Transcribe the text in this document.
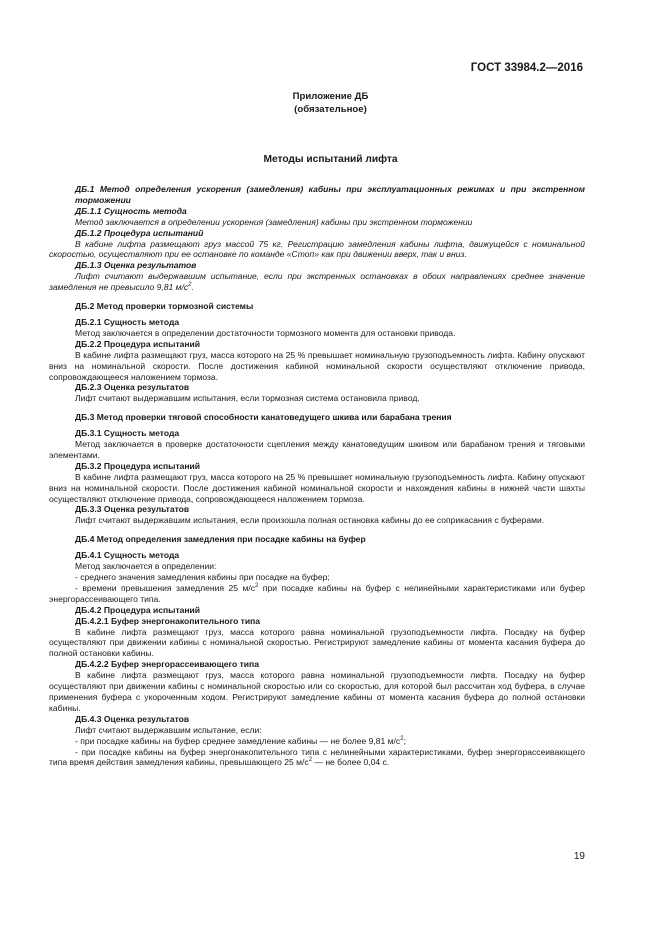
ГОСТ 33984.2—2016
Приложение ДБ
(обязательное)
Методы испытаний лифта

ДБ.1 Метод определения ускорения (замедления) кабины при эксплуатационных режимах и при экстренном торможении

ДБ.1.1 Сущность метода

Метод заключается в определении ускорения (замедления) кабины при экстренном торможении

ДБ.1.2 Процедура испытаний

В кабине лифта размещают груз массой 75 кг. Регистрацию замедления кабины лифта, движущейся с номинальной скоростью, осуществляют при ее остановке по команде «Стоп» как при движении вверх, так и вниз.

ДБ.1.3 Оценка результатов

Лифт считают выдержавшим испытание, если при экстренных остановках в обоих направлениях среднее значение замедления не превысило 9,81 $м/с^2$.

ДБ.2 Метод проверки тормозной системы

ДБ.2.1 Сущность метода

Метод заключается в определении достаточности тормозного момента для остановки привода.

ДБ.2.2 Процедура испытаний

В кабине лифта размещают груз, масса которого на 25 % превышает номинальную грузоподъемность лифта. Кабину опускают вниз на номинальной скорости. После достижения кабиной номинальной скорости осуществляют отключение привода, сопровождающееся наложением тормоза.

ДБ.2.3 Оценка результатов

Лифт считают выдержавшим испытания, если тормозная система остановила привод.

ДБ.3 Метод проверки тяговой способности канатоведущего шкива или барабана трения

ДБ.3.1 Сущность метода

Метод заключается в проверке достаточности сцепления между канатоведущим шкивом или барабаном трения и тяговыми элементами.

ДБ.3.2 Процедура испытаний

В кабине лифта размещают груз, масса которого на 25 % превышает номинальную грузоподъемность лифта. Кабину опускают вниз на номинальной скорости. После достижения кабиной номинальной скорости и нахождения кабины в нижней части шахты осуществляют отключение привода, сопровождающееся наложением тормоза.

ДБ.3.3 Оценка результатов

Лифт считают выдержавшим испытания, если произошла полная остановка кабины до ее соприкасания с буферами.

ДБ.4 Метод определения замедления при посадке кабины на буфер

ДБ.4.1 Сущность метода

Метод заключается в определении:

- среднего значения замедления кабины при посадке на буфер;

- времени превышения замедления 25 $м/с^2$ при посадке кабины на буфер с нелинейными характеристиками или буфер энергорассеивающего типа.

ДБ.4.2 Процедура испытаний

ДБ.4.2.1 Буфер энергонакопительного типа

В кабине лифта размещают груз, масса которого равна номинальной грузоподъемности лифта. Посадку на буфер осуществляют при движении кабины с номинальной скоростью. Регистрируют замедление кабины от момента касания буфера до полной остановки кабины.

ДБ.4.2.2 Буфер энергорассеивающего типа

В кабине лифта размещают груз, масса которого равна номинальной грузоподъемности лифта. Посадку на буфер осуществляют при движении кабины с номинальной скоростью или со скоростью, для которой был рассчитан ход буфера, в случае применения буфера с укороченным ходом. Регистрируют замедление кабины от момента касания буфера до полной остановки кабины.

ДБ.4.3 Оценка результатов

Лифт считают выдержавшим испытание, если:

- при посадке кабины на буфер среднее замедление кабины — не более 9,81 $м/с^2$;

- при посадке кабины на буфер энергонакопительного типа с нелинейными характеристиками, буфер энергорассеивающего типа время действия замедления кабины, превышающего 25 $м/с^2$ — не более 0,04 с.

19
